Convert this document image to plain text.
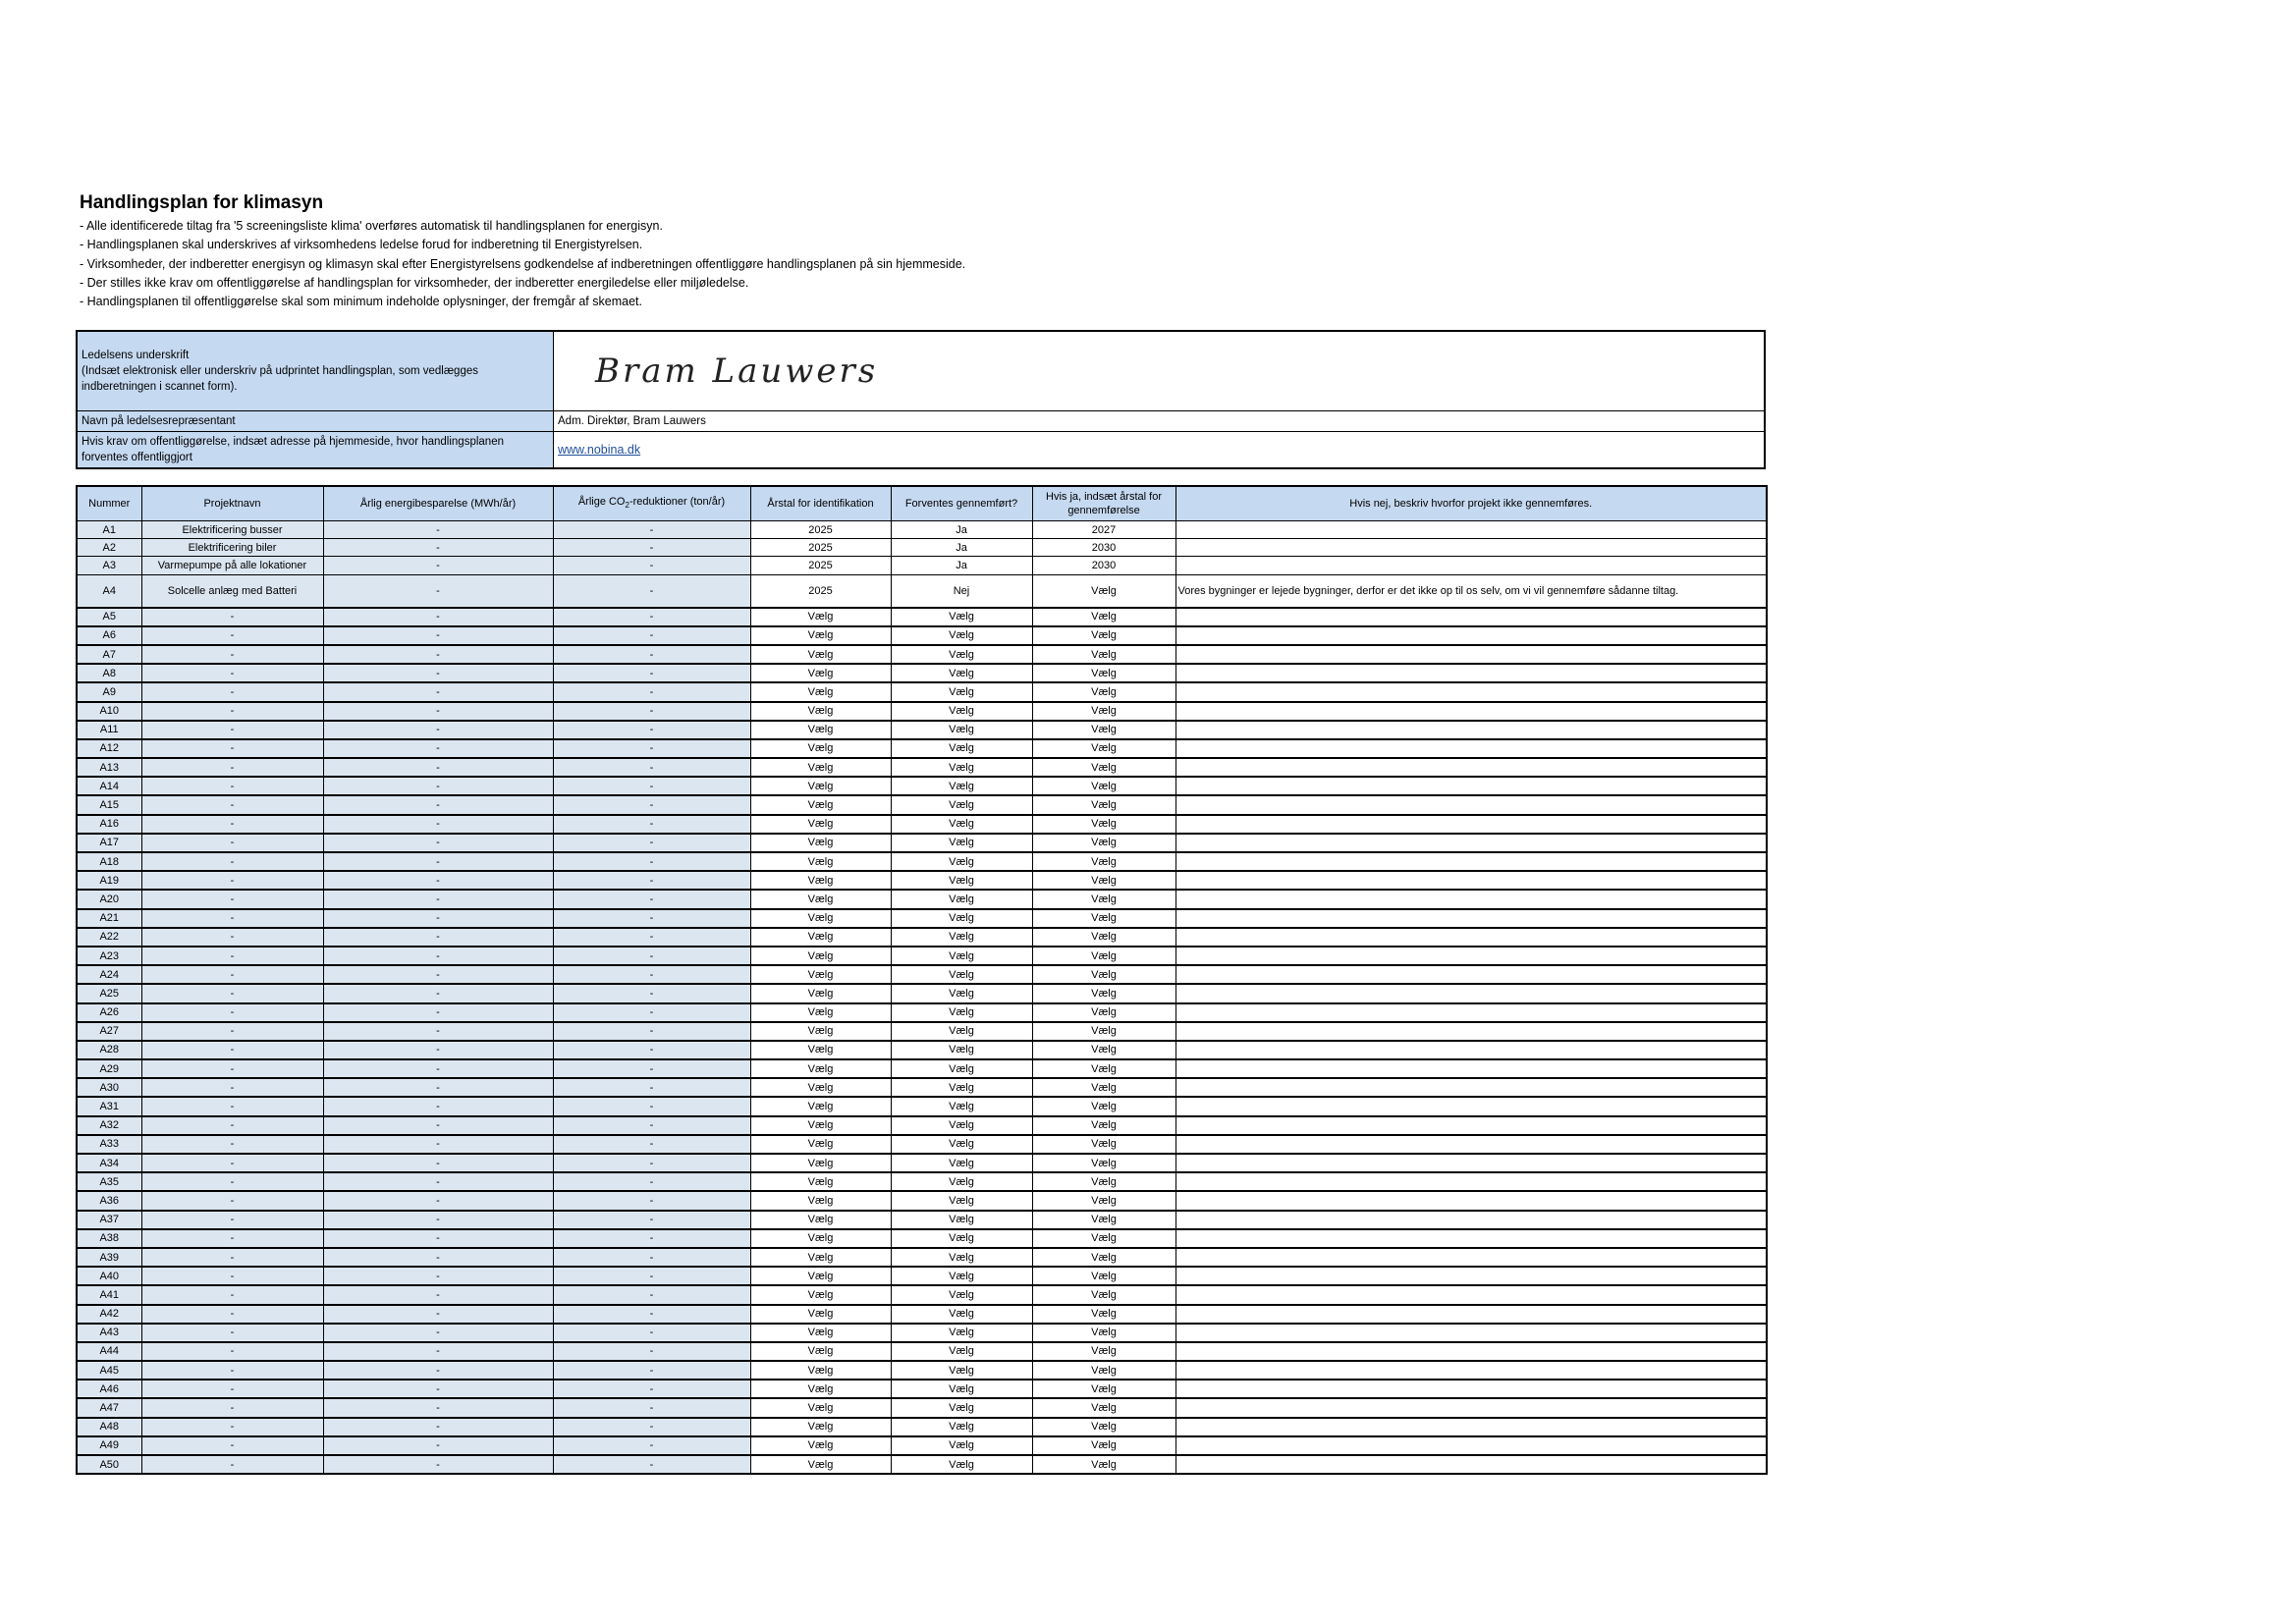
Handlingsplan for klimasyn
- Alle identificerede tiltag fra '5 screeningsliste klima' overføres automatisk til handlingsplanen for energisyn.
- Handlingsplanen skal underskrives af virksomhedens ledelse forud for indberetning til Energistyrelsen.
- Virksomheder, der indberetter energisyn og klimasyn skal efter Energistyrelsens godkendelse af indberetningen offentliggøre handlingsplanen på sin hjemmeside.
- Der stilles ikke krav om offentliggørelse af handlingsplan for virksomheder, der indberetter energiledelse eller miljøledelse.
- Handlingsplanen til offentliggørelse skal som minimum indeholde oplysninger, der fremgår af skemaet.
Ledelsens underskrift
(Indsæt elektronisk eller underskriv på udprintet handlingsplan, som vedlægges indberetningen i scannet form).	Bram Lauwers
Navn på ledelsesrepræsentant	Adm. Direktør, Bram Lauwers
Hvis krav om offentliggørelse, indsæt adresse på hjemmeside, hvor handlingsplanen forventes offentliggjort	www.nobina.dk
Nummer	Projektnavn	Årlig energibesparelse (MWh/år)	Årlige $CO_2$-reduktioner (ton/år)	Årstal for identifikation	Forventes gennemført?	Hvis ja, indsæt årstal for gennemførelse	Hvis nej, beskriv hvorfor projekt ikke gennemføres.
A1	Elektrificering busser	-	-	2025	Ja	2027	
A2	Elektrificering biler	-	-	2025	Ja	2030	
A3	Varmepumpe på alle lokationer	-	-	2025	Ja	2030	
A4	Solcelle anlæg med Batteri	-	-	2025	Nej	Vælg	Vores bygninger er lejede bygninger, derfor er det ikke op til os selv, om vi vil gennemføre sådanne tiltag.
A5	-	-	-	Vælg	Vælg	Vælg	
A6	-	-	-	Vælg	Vælg	Vælg	
A7	-	-	-	Vælg	Vælg	Vælg	
A8	-	-	-	Vælg	Vælg	Vælg	
A9	-	-	-	Vælg	Vælg	Vælg	
A10	-	-	-	Vælg	Vælg	Vælg	
A11	-	-	-	Vælg	Vælg	Vælg	
A12	-	-	-	Vælg	Vælg	Vælg	
A13	-	-	-	Vælg	Vælg	Vælg	
A14	-	-	-	Vælg	Vælg	Vælg	
A15	-	-	-	Vælg	Vælg	Vælg	
A16	-	-	-	Vælg	Vælg	Vælg	
A17	-	-	-	Vælg	Vælg	Vælg	
A18	-	-	-	Vælg	Vælg	Vælg	
A19	-	-	-	Vælg	Vælg	Vælg	
A20	-	-	-	Vælg	Vælg	Vælg	
A21	-	-	-	Vælg	Vælg	Vælg	
A22	-	-	-	Vælg	Vælg	Vælg	
A23	-	-	-	Vælg	Vælg	Vælg	
A24	-	-	-	Vælg	Vælg	Vælg	
A25	-	-	-	Vælg	Vælg	Vælg	
A26	-	-	-	Vælg	Vælg	Vælg	
A27	-	-	-	Vælg	Vælg	Vælg	
A28	-	-	-	Vælg	Vælg	Vælg	
A29	-	-	-	Vælg	Vælg	Vælg	
A30	-	-	-	Vælg	Vælg	Vælg	
A31	-	-	-	Vælg	Vælg	Vælg	
A32	-	-	-	Vælg	Vælg	Vælg	
A33	-	-	-	Vælg	Vælg	Vælg	
A34	-	-	-	Vælg	Vælg	Vælg	
A35	-	-	-	Vælg	Vælg	Vælg	
A36	-	-	-	Vælg	Vælg	Vælg	
A37	-	-	-	Vælg	Vælg	Vælg	
A38	-	-	-	Vælg	Vælg	Vælg	
A39	-	-	-	Vælg	Vælg	Vælg	
A40	-	-	-	Vælg	Vælg	Vælg	
A41	-	-	-	Vælg	Vælg	Vælg	
A42	-	-	-	Vælg	Vælg	Vælg	
A43	-	-	-	Vælg	Vælg	Vælg	
A44	-	-	-	Vælg	Vælg	Vælg	
A45	-	-	-	Vælg	Vælg	Vælg	
A46	-	-	-	Vælg	Vælg	Vælg	
A47	-	-	-	Vælg	Vælg	Vælg	
A48	-	-	-	Vælg	Vælg	Vælg	
A49	-	-	-	Vælg	Vælg	Vælg	
A50	-	-	-	Vælg	Vælg	Vælg	
